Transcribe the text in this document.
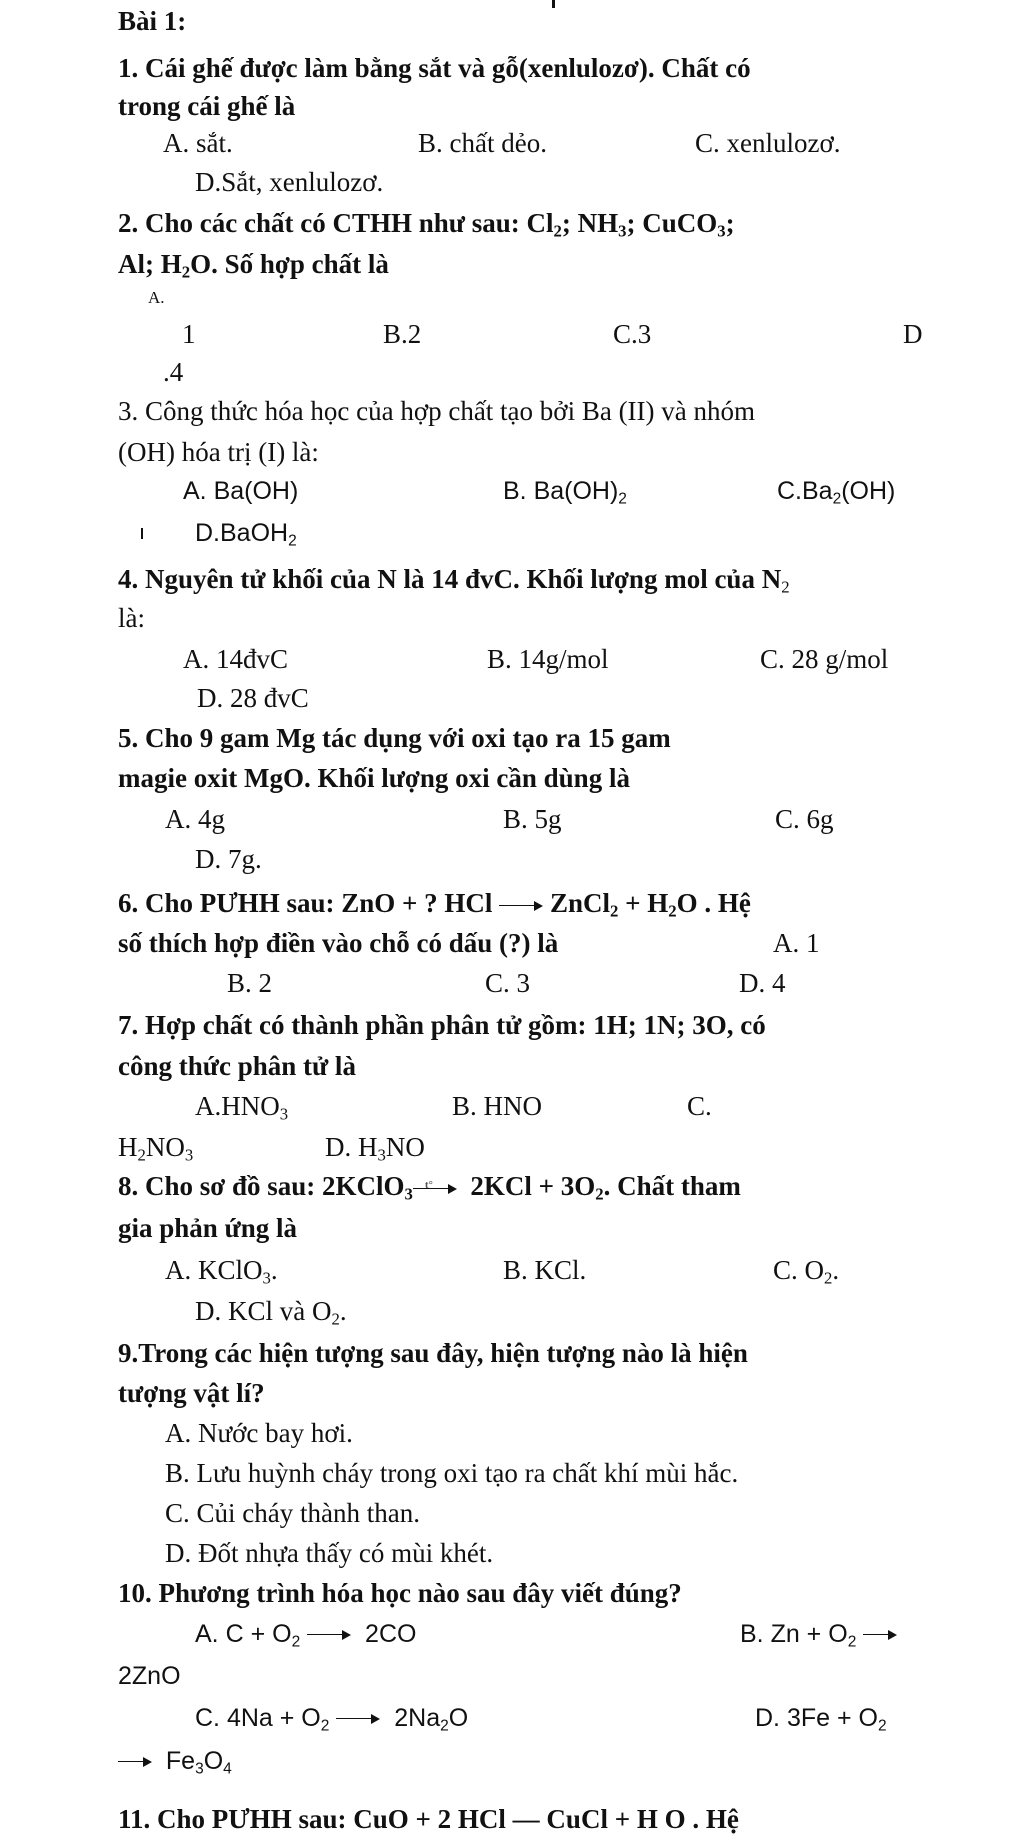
Bài 1:
1. Cái ghế được làm bằng sắt và gỗ(xenlulozơ). Chất có
trong cái ghế là
A. sắt.	B. chất dẻo.	C. xenlulozơ.
D.Sắt, xenlulozơ.
2. Cho các chất có CTHH như sau: $Cl_2$; $NH_3$; CuCO$_3$;
Al; $H_2O$. Số hợp chất là
A.
1	B.2	C.3	D
.4
3. Công thức hóa học của hợp chất tạo bởi Ba (II) và nhóm
(OH) hóa trị (I) là:
A. Ba(OH)	B. $Ba(OH)_2$	$C.Ba_2(OH)$
D.BaOH$_2$
4. Nguyên tử khối của N là 14 đvC. Khối lượng mol của $N_2$
là:
A. 14đvC	B. 14g/mol	C. 28 g/mol
D. 28 đvC
5. Cho 9 gam Mg tác dụng với oxi tạo ra 15 gam
magie oxit MgO. Khối lượng oxi cần dùng là
A. 4g	B. 5g	C. 6g
D. 7g.
6. Cho PƯHH sau: ZnO + ? HCl ZnCl$_2$ + $H_2O$ . Hệ
số thích hợp điền vào chỗ có dấu (?) là	A. 1
B. 2	C. 3	D. 4
7. Hợp chất có thành phần phân tử gồm: 1H; 1N; 3O, có
công thức phân tử là
$A.HNO_3$	B. HNO	C.
$H_2NO_3$	D. $H_3NO$
8. Cho sơ đồ sau: 2KClO$_3$ t° $2KCl + 3O_2$. Chất tham
gia phản ứng là
A. KClO$_3$.	B. KCl.	C. $O_2$.
D. KCl và $O_2$.
9.Trong các hiện tượng sau đây, hiện tượng nào là hiện
tượng vật lí?
A. Nước bay hơi.
B. Lưu huỳnh cháy trong oxi tạo ra chất khí mùi hắc.
C. Củi cháy thành than.
D. Đốt nhựa thấy có mùi khét.
10. Phương trình hóa học nào sau đây viết đúng?
A. $C + O_2$	2CO	B. $Zn + O_2$
2ZnO
C. $4Na + O_2$	$2Na_2O$	D. $3Fe + O_2$
$Fe_3O_4$
11. Cho PƯHH sau: CuO + 2 HCl — CuCl + H O . Hệ
